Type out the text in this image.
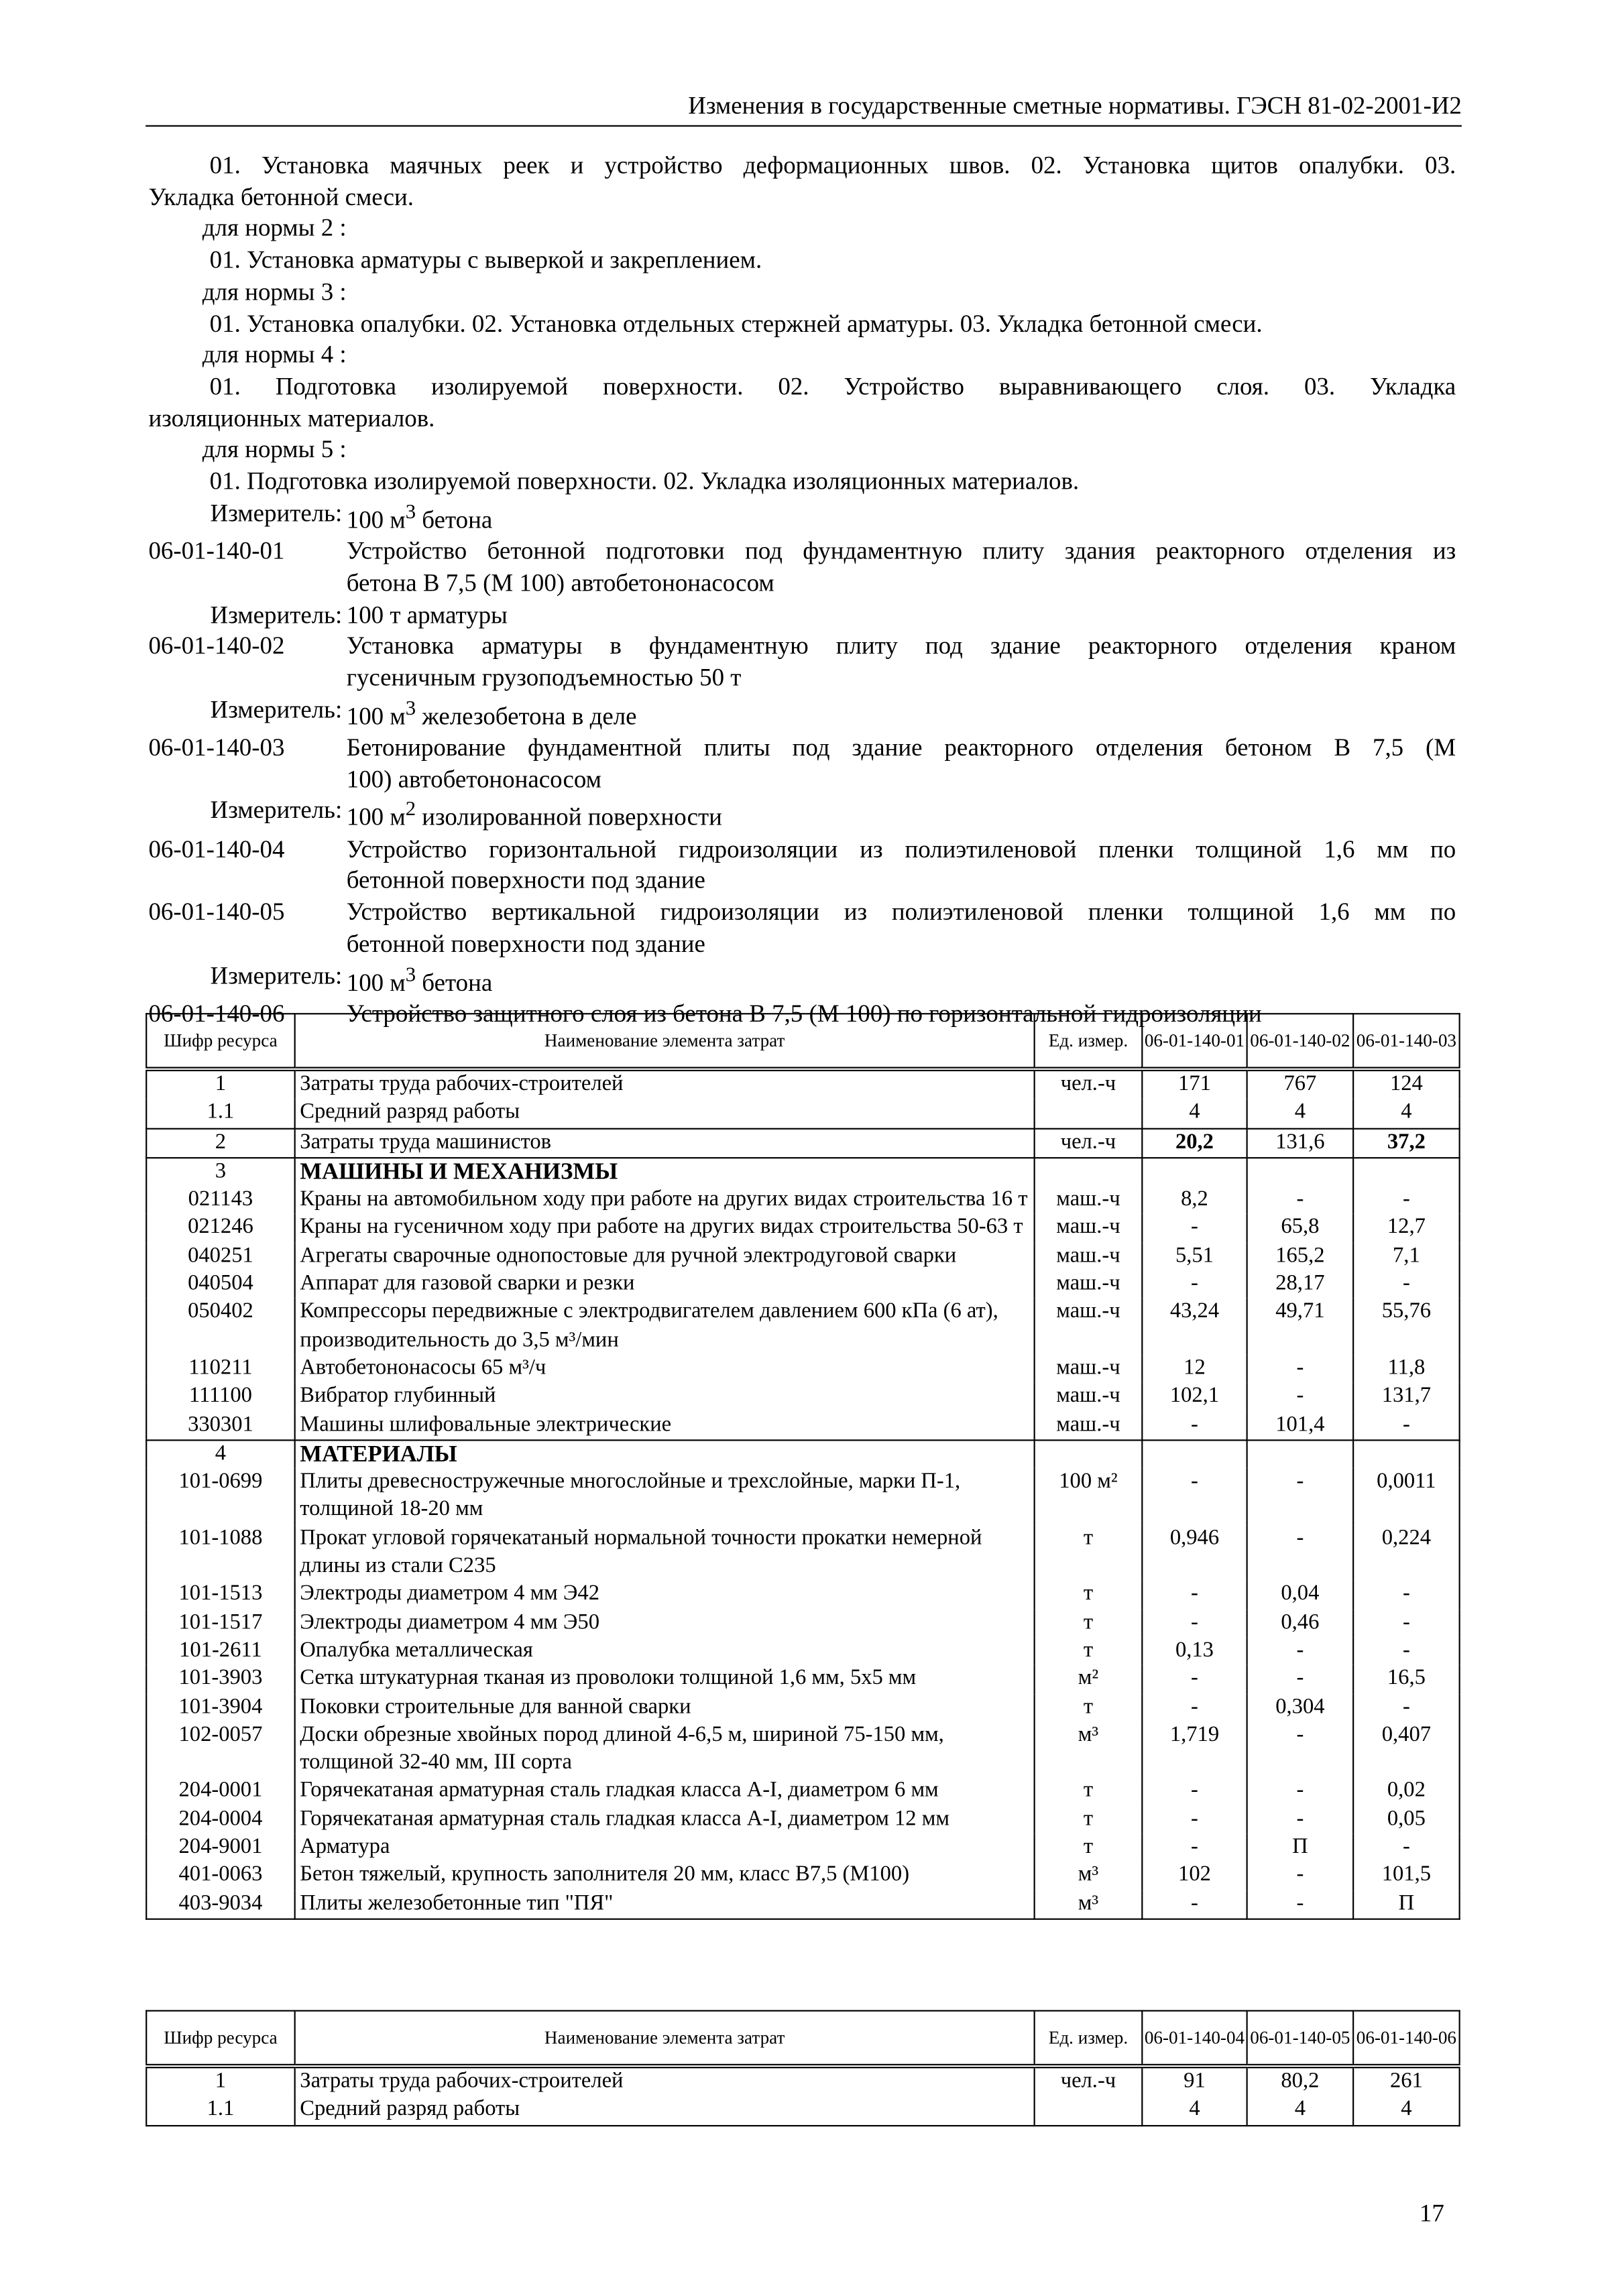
Изменения в государственные сметные нормативы. ГЭСН 81-02-2001-И2

01. Установка маячных реек и устройство деформационных швов. 02. Установка щитов опалубки. 03.

Укладка бетонной смеси.

для нормы 2 :

01. Установка арматуры с выверкой и закреплением.

для нормы 3 :

01. Установка опалубки. 02. Установка отдельных стержней арматуры. 03. Укладка бетонной смеси.

для нормы 4 :

01. Подготовка изолируемой поверхности. 02. Устройство выравнивающего слоя. 03. Укладка

изоляционных материалов.

для нормы 5 :

01. Подготовка изолируемой поверхности. 02. Укладка изоляционных материалов.

Измеритель: 100 $м^3$ бетона
06-01-140-01	Устройство бетонной подготовки под фундаментную плиту здания реакторного отделения из
бетона В 7,5 (М 100) автобетононасосом
Измеритель: 100 т арматуры
06-01-140-02	Установка арматуры в фундаментную плиту под здание реакторного отделения краном
гусеничным грузоподъемностью 50 т
Измеритель: 100 $м^3$ железобетона в деле
06-01-140-03	Бетонирование фундаментной плиты под здание реакторного отделения бетоном В 7,5 (М
100) автобетононасосом
Измеритель: 100 $м^2$ изолированной поверхности
06-01-140-04	Устройство горизонтальной гидроизоляции из полиэтиленовой пленки толщиной 1,6 мм по
бетонной поверхности под здание
06-01-140-05	Устройство вертикальной гидроизоляции из полиэтиленовой пленки толщиной 1,6 мм по
бетонной поверхности под здание
Измеритель: 100 $м^3$ бетона
06-01-140-06	Устройство защитного слоя из бетона В 7,5 (М 100) по горизонтальной гидроизоляции
Шифр ресурса	Наименование элемента затрат	Ед. измер.	06-01-140-01	06-01-140-02	06-01-140-03
1	Затраты труда рабочих-строителей	чел.-ч	171	767	124
1.1	Средний разряд работы		4	4	4
2	Затраты труда машинистов	чел.-ч	20,2	131,6	37,2
3	МАШИНЫ И МЕХАНИЗМЫ				
021143	Краны на автомобильном ходу при работе на других видах строительства 16 т	маш.-ч	8,2	-	-
021246	Краны на гусеничном ходу при работе на других видах строительства 50-63 т	маш.-ч	-	65,8	12,7
040251	Агрегаты сварочные однопостовые для ручной электродуговой сварки	маш.-ч	5,51	165,2	7,1
040504	Аппарат для газовой сварки и резки	маш.-ч	-	28,17	-
050402	Компрессоры передвижные с электродвигателем давлением 600 кПа (6 ат), производительность до 3,5 м³/мин	маш.-ч	43,24	49,71	55,76
110211	Автобетононасосы 65 м³/ч	маш.-ч	12	-	11,8
111100	Вибратор глубинный	маш.-ч	102,1	-	131,7
330301	Машины шлифовальные электрические	маш.-ч	-	101,4	-
4	МАТЕРИАЛЫ				
101-0699	Плиты древесностружечные многослойные и трехслойные, марки П-1, толщиной 18-20 мм	100 м²	-	-	0,0011
101-1088	Прокат угловой горячекатаный нормальной точности прокатки немерной длины из стали С235	т	0,946	-	0,224
101-1513	Электроды диаметром 4 мм Э42	т	-	0,04	-
101-1517	Электроды диаметром 4 мм Э50	т	-	0,46	-
101-2611	Опалубка металлическая	т	0,13	-	-
101-3903	Сетка штукатурная тканая из проволоки толщиной 1,6 мм, 5х5 мм	м²	-	-	16,5
101-3904	Поковки строительные для ванной сварки	т	-	0,304	-
102-0057	Доски обрезные хвойных пород длиной 4-6,5 м, шириной 75-150 мм, толщиной 32-40 мм, III сорта	м³	1,719	-	0,407
204-0001	Горячекатаная арматурная сталь гладкая класса А-I, диаметром 6 мм	т	-	-	0,02
204-0004	Горячекатаная арматурная сталь гладкая класса А-I, диаметром 12 мм	т	-	-	0,05
204-9001	Арматура	т	-	П	-
401-0063	Бетон тяжелый, крупность заполнителя 20 мм, класс В7,5 (М100)	м³	102	-	101,5
403-9034	Плиты железобетонные тип "ПЯ"	м³	-	-	П
Шифр ресурса	Наименование элемента затрат	Ед. измер.	06-01-140-04	06-01-140-05	06-01-140-06
1	Затраты труда рабочих-строителей	чел.-ч	91	80,2	261
1.1	Средний разряд работы		4	4	4
17
